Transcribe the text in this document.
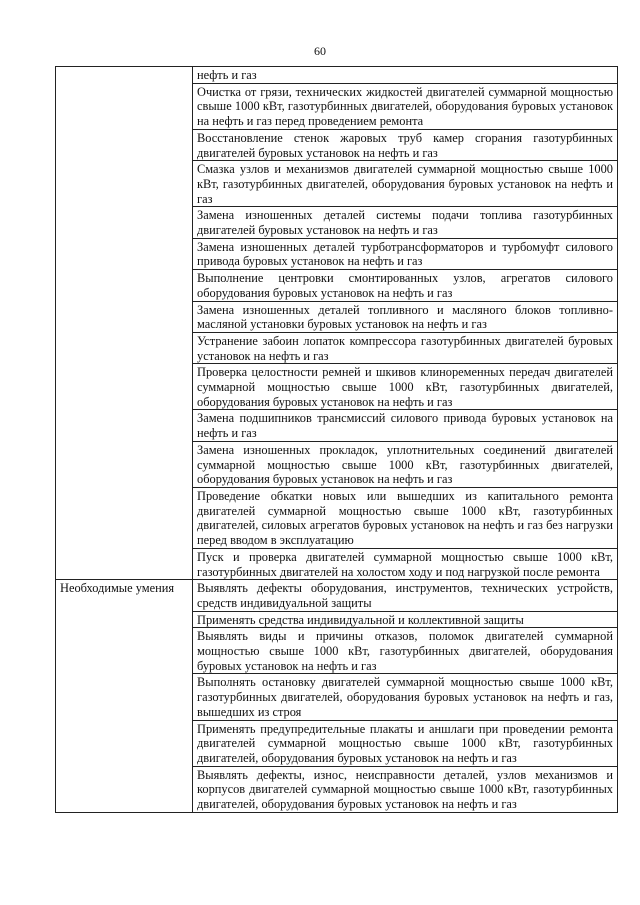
60
	нефть и газ
	Очистка от грязи, технических жидкостей двигателей суммарной мощностью свыше 1000 кВт, газотурбинных двигателей, оборудования буровых установок на нефть и газ перед проведением ремонта
	Восстановление стенок жаровых труб камер сгорания газотурбинных двигателей буровых установок на нефть и газ
	Смазка узлов и механизмов двигателей суммарной мощностью свыше 1000 кВт, газотурбинных двигателей, оборудования буровых установок на нефть и газ
	Замена изношенных деталей системы подачи топлива газотурбинных двигателей буровых установок на нефть и газ
	Замена изношенных деталей турботрансформаторов и турбомуфт силового привода буровых установок на нефть и газ
	Выполнение центровки смонтированных узлов, агрегатов силового оборудования буровых установок на нефть и газ
	Замена изношенных деталей топливного и масляного блоков топливно-масляной установки буровых установок на нефть и газ
	Устранение забоин лопаток компрессора газотурбинных двигателей буровых установок на нефть и газ
	Проверка целостности ремней и шкивов клиноременных передач двигателей суммарной мощностью свыше 1000 кВт, газотурбинных двигателей, оборудования буровых установок на нефть и газ
	Замена подшипников трансмиссий силового привода буровых установок на нефть и газ
	Замена изношенных прокладок, уплотнительных соединений двигателей суммарной мощностью свыше 1000 кВт, газотурбинных двигателей, оборудования буровых установок на нефть и газ
	Проведение обкатки новых или вышедших из капитального ремонта двигателей суммарной мощностью свыше 1000 кВт, газотурбинных двигателей, силовых агрегатов буровых установок на нефть и газ без нагрузки перед вводом в эксплуатацию
	Пуск и проверка двигателей суммарной мощностью свыше 1000 кВт, газотурбинных двигателей на холостом ходу и под нагрузкой после ремонта
Необходимые умения	Выявлять дефекты оборудования, инструментов, технических устройств, средств индивидуальной защиты
	Применять средства индивидуальной и коллективной защиты
	Выявлять виды и причины отказов, поломок двигателей суммарной мощностью свыше 1000 кВт, газотурбинных двигателей, оборудования буровых установок на нефть и газ
	Выполнять остановку двигателей суммарной мощностью свыше 1000 кВт, газотурбинных двигателей, оборудования буровых установок на нефть и газ, вышедших из строя
	Применять предупредительные плакаты и аншлаги при проведении ремонта двигателей суммарной мощностью свыше 1000 кВт, газотурбинных двигателей, оборудования буровых установок на нефть и газ
	Выявлять дефекты, износ, неисправности деталей, узлов механизмов и корпусов двигателей суммарной мощностью свыше 1000 кВт, газотурбинных двигателей, оборудования буровых установок на нефть и газ
